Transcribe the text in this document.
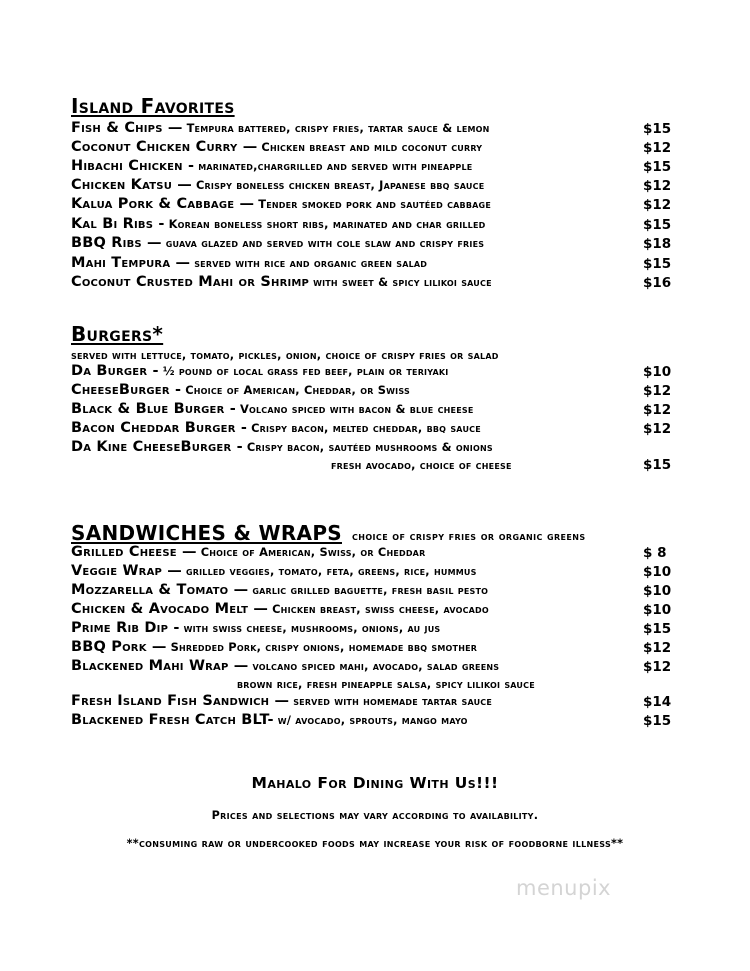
Island Favorites
Fish & Chips — Tempura battered, crispy fries, tartar sauce & lemon	$15
Coconut Chicken Curry — Chicken breast and mild coconut curry	$12
Hibachi Chicken - marinated,chargrilled and served with pineapple	$15
Chicken Katsu — Crispy boneless chicken breast, Japanese bbq sauce	$12
Kalua Pork & Cabbage — Tender smoked pork and sautéed cabbage	$12
Kal Bi Ribs - Korean boneless short ribs, marinated and char grilled	$15
BBQ Ribs — guava glazed and served with cole slaw and crispy fries	$18
Mahi Tempura — served with rice and organic green salad	$15
Coconut Crusted Mahi or Shrimp with sweet & spicy lilikoi sauce	$16
Burgers*
served with lettuce, tomato, pickles, onion, choice of crispy fries or salad
Da Burger - ½ pound of local grass fed beef, plain or teriyaki	$10
CheeseBurger - Choice of American, Cheddar, or Swiss	$12
Black & Blue Burger - Volcano spiced with bacon & blue cheese	$12
Bacon Cheddar Burger - Crispy bacon, melted cheddar, bbq sauce	$12
Da Kine CheeseBurger - Crispy bacon, sautéed mushrooms & onions
fresh avocado, choice of cheese	$15
SANDWICHES & WRAPS choice of crispy fries or organic greens
Grilled Cheese — Choice of American, Swiss, or Cheddar	$ 8
Veggie Wrap — grilled veggies, tomato, feta, greens, rice, hummus	$10
Mozzarella & Tomato — garlic grilled baguette, fresh basil pesto	$10
Chicken & Avocado Melt — Chicken breast, swiss cheese, avocado	$10
Prime Rib Dip - with swiss cheese, mushrooms, onions, au jus	$15
BBQ Pork — Shredded Pork, crispy onions, homemade bbq smother	$12
Blackened Mahi Wrap — volcano spiced mahi, avocado, salad greens	$12
brown rice, fresh pineapple salsa, spicy lilikoi sauce
Fresh Island Fish Sandwich — served with homemade tartar sauce	$14
Blackened Fresh Catch BLT- w/ avocado, sprouts, mango mayo	$15
Mahalo For Dining With Us!!!
Prices and selections may vary according to availability.
**consuming raw or undercooked foods may increase your risk of foodborne illness**
menupix
